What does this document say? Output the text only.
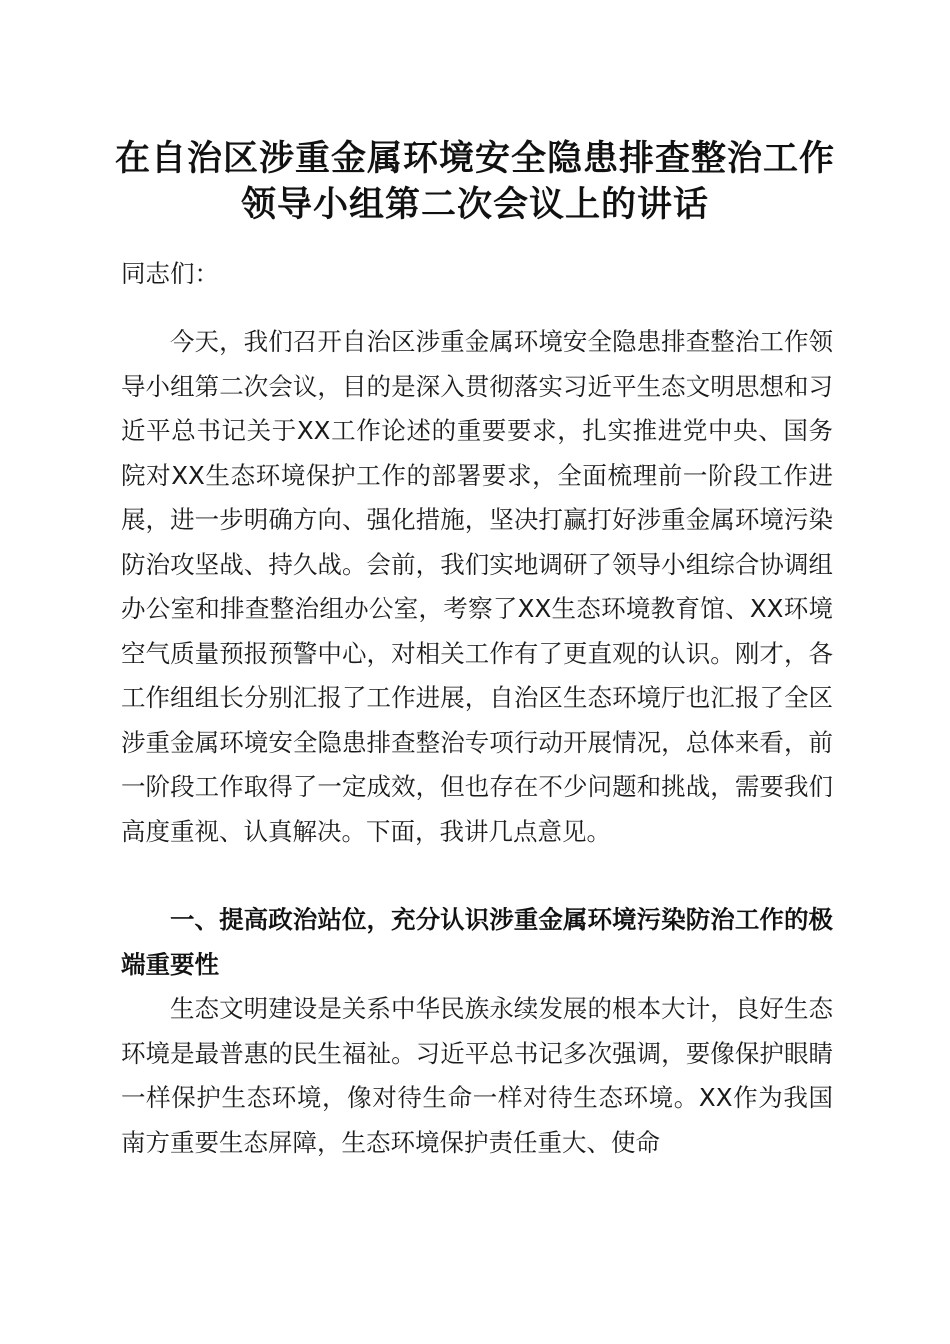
在自治区涉重金属环境安全隐患排查整治工作
领导小组第二次会议上的讲话
同志们：
今天，我们召开自治区涉重金属环境安全隐患排查整治工作领导小组第二次会议，目的是深入贯彻落实习近平生态文明思想和习近平总书记关于XX工作论述的重要要求，扎实推进党中央、国务院对XX生态环境保护工作的部署要求，全面梳理前一阶段工作进展，进一步明确方向、强化措施，坚决打赢打好涉重金属环境污染防治攻坚战、持久战。会前，我们实地调研了领导小组综合协调组办公室和排查整治组办公室，考察了XX生态环境教育馆、XX环境空气质量预报预警中心，对相关工作有了更直观的认识。刚才，各工作组组长分别汇报了工作进展，自治区生态环境厅也汇报了全区涉重金属环境安全隐患排查整治专项行动开展情况，总体来看，前一阶段工作取得了一定成效，但也存在不少问题和挑战，需要我们高度重视、认真解决。下面，我讲几点意见。
一、提高政治站位，充分认识涉重金属环境污染防治工作的极端重要性
生态文明建设是关系中华民族永续发展的根本大计，良好生态环境是最普惠的民生福祉。习近平总书记多次强调，要像保护眼睛一样保护生态环境，像对待生命一样对待生态环境。XX作为我国南方重要生态屏障，生态环境保护责任重大、使命
